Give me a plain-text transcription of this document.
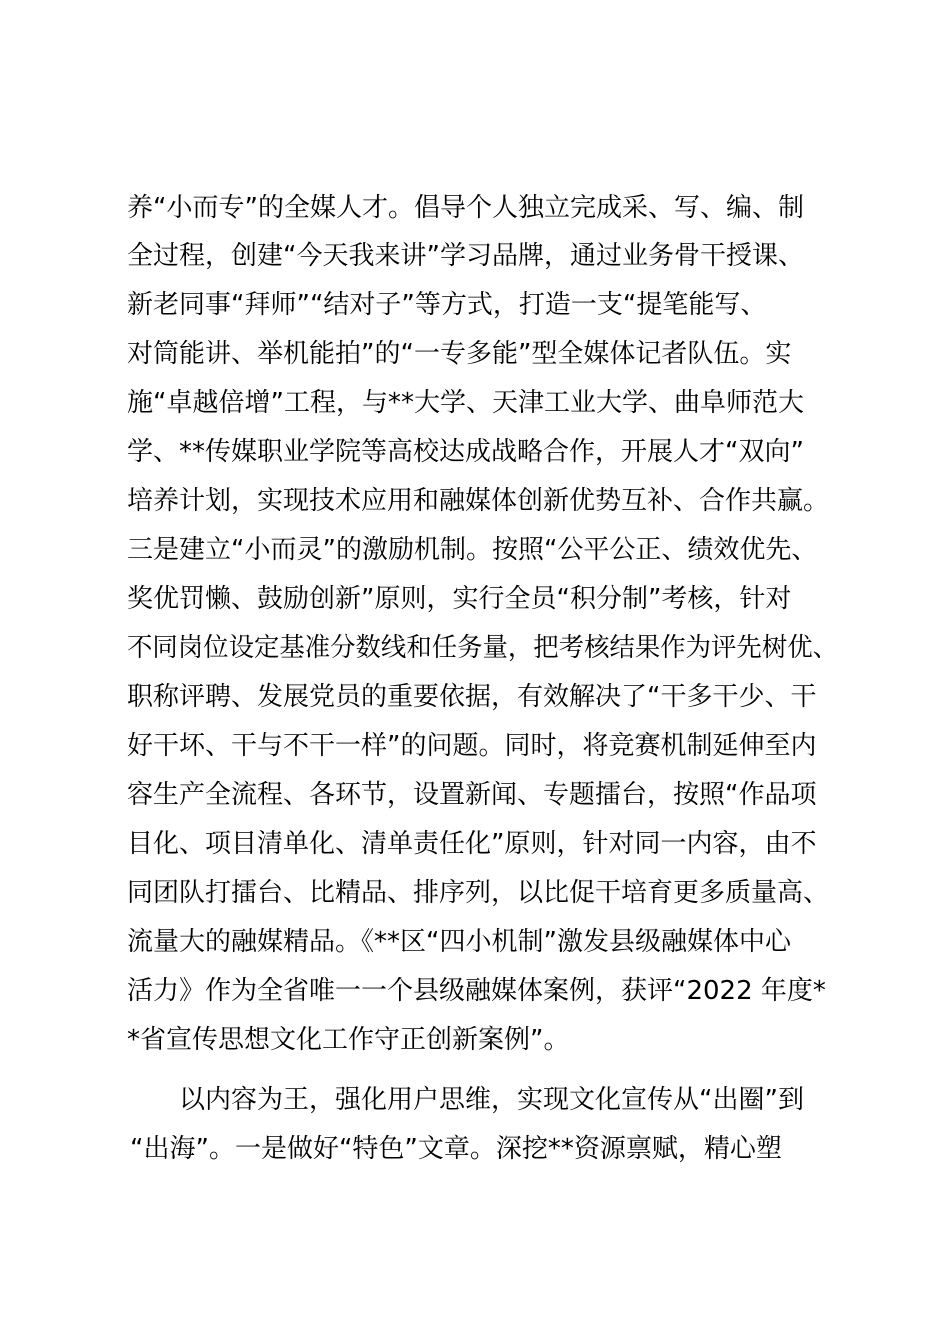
养“小而专”的全媒人才。倡导个人独立完成采、写、编、制
全过程，创建“今天我来讲”学习品牌，通过业务骨干授课、
新老同事“拜师”“结对子”等方式，打造一支“提笔能写、
对筒能讲、举机能拍”的“一专多能”型全媒体记者队伍。实
施“卓越倍增”工程，与**大学、天津工业大学、曲阜师范大
学、**传媒职业学院等高校达成战略合作，开展人才“双向”
培养计划，实现技术应用和融媒体创新优势互补、合作共赢。
三是建立“小而灵”的激励机制。按照“公平公正、绩效优先、
奖优罚懒、鼓励创新”原则，实行全员“积分制”考核，针对
不同岗位设定基准分数线和任务量，把考核结果作为评先树优、
职称评聘、发展党员的重要依据，有效解决了“干多干少、干
好干坏、干与不干一样”的问题。同时，将竞赛机制延伸至内
容生产全流程、各环节，设置新闻、专题擂台，按照“作品项
目化、项目清单化、清单责任化”原则，针对同一内容，由不
同团队打擂台、比精品、排序列，以比促干培育更多质量高、
流量大的融媒精品。《**区“四小机制”激发县级融媒体中心
活力》作为全省唯一一个县级融媒体案例，获评“2022 年度*
*省宣传思想文化工作守正创新案例”。
以内容为王，强化用户思维，实现文化宣传从“出圈”到
“出海”。一是做好“特色”文章。深挖**资源禀赋，精心塑
